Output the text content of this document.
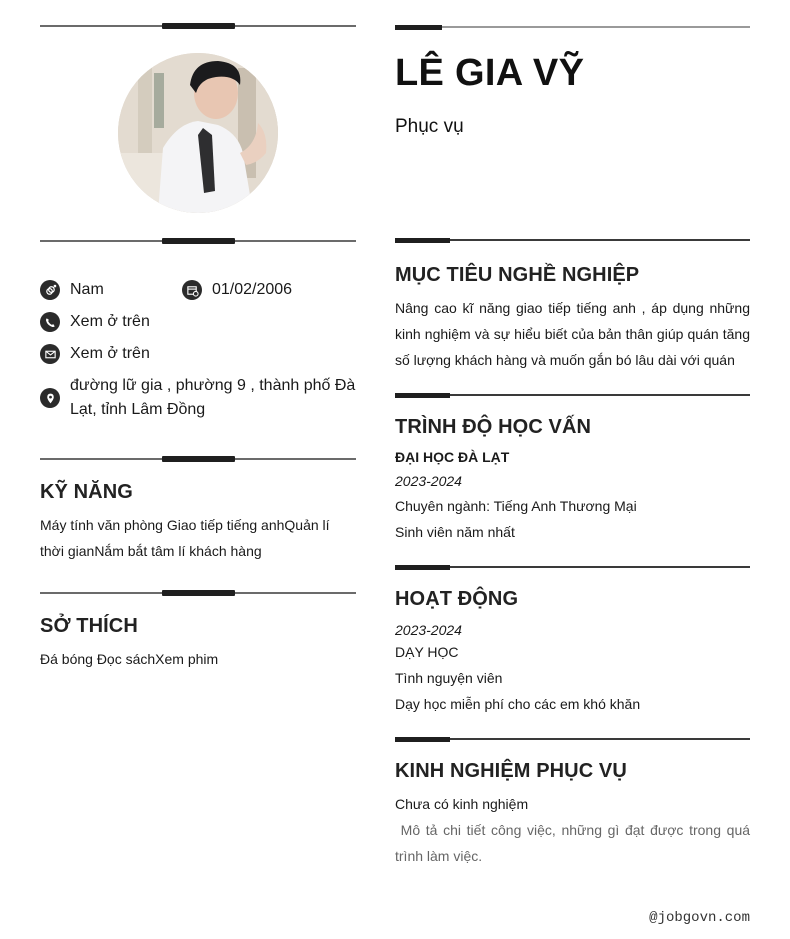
Nam	01/02/2006
Xem ở trên
Xem ở trên
đường lữ gia , phường 9 , thành phố Đà Lạt, tỉnh Lâm Đồng
KỸ NĂNG
Máy tính văn phòng Giao tiếp tiếng anhQuản lí thời gianNắm bắt tâm lí khách hàng
SỞ THÍCH
Đá bóng Đọc sáchXem phim
LÊ GIA VỸ
Phục vụ
MỤC TIÊU NGHỀ NGHIỆP
Nâng cao kĩ năng giao tiếp tiếng anh , áp dụng những kinh nghiệm và sự hiểu biết của bản thân giúp quán tăng số lượng khách hàng và muốn gắn bó lâu dài với quán
TRÌNH ĐỘ HỌC VẤN
ĐẠI HỌC ĐÀ LẠT
2023-2024
Chuyên ngành: Tiếng Anh Thương Mại
Sinh viên năm nhất
HOẠT ĐỘNG
2023-2024
DẠY HỌC
Tình nguyện viên
Dạy học miễn phí cho các em khó khăn
KINH NGHIỆM PHỤC VỤ
Chưa có kinh nghiệm
Mô tả chi tiết công việc, những gì đạt được trong quá trình làm việc.
@jobgovn.com
